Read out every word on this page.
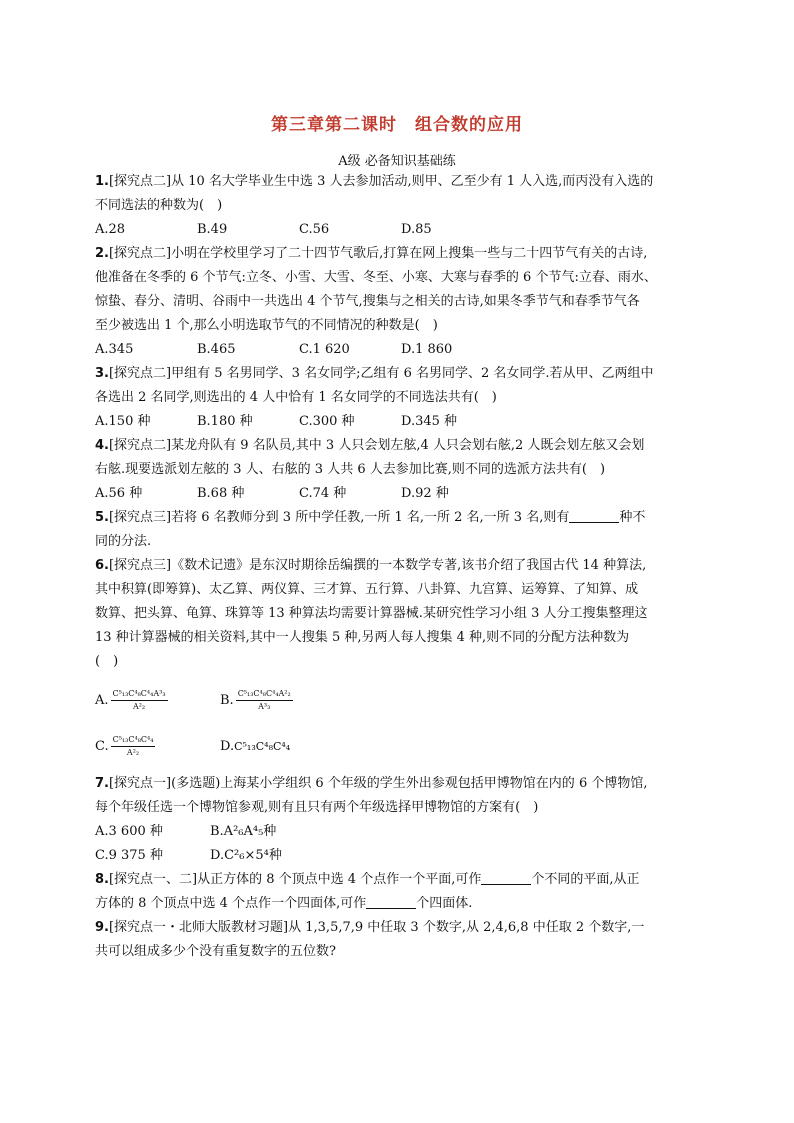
第三章第二课时　组合数的应用
A级 必备知识基础练
1.[探究点二]从 10 名大学毕业生中选 3 人去参加活动,则甲、乙至少有 1 人入选,而丙没有入选的
不同选法的种数为(　)
A.28	B.49	C.56	D.85
2.[探究点二]小明在学校里学习了二十四节气歌后,打算在网上搜集一些与二十四节气有关的古诗,
他准备在冬季的 6 个节气:立冬、小雪、大雪、冬至、小寒、大寒与春季的 6 个节气:立春、雨水、
惊蛰、春分、清明、谷雨中一共选出 4 个节气,搜集与之相关的古诗,如果冬季节气和春季节气各
至少被选出 1 个,那么小明选取节气的不同情况的种数是(　)
A.345	B.465	C.1 620	D.1 860
3.[探究点二]甲组有 5 名男同学、3 名女同学;乙组有 6 名男同学、2 名女同学.若从甲、乙两组中
各选出 2 名同学,则选出的 4 人中恰有 1 名女同学的不同选法共有(　)
A.150 种	B.180 种	C.300 种	D.345 种
4.[探究点二]某龙舟队有 9 名队员,其中 3 人只会划左舷,4 人只会划右舷,2 人既会划左舷又会划
右舷.现要选派划左舷的 3 人、右舷的 3 人共 6 人去参加比赛,则不同的选派方法共有(　)
A.56 种	B.68 种	C.74 种	D.92 种
5.[探究点三]若将 6 名教师分到 3 所中学任教,一所 1 名,一所 2 名,一所 3 名,则有	种不
同的分法.
6.[探究点三]《数术记遗》是东汉时期徐岳编撰的一本数学专著,该书介绍了我国古代 14 种算法,
其中积算(即筹算)、太乙算、两仪算、三才算、五行算、八卦算、九宫算、运筹算、了知算、成
数算、把头算、龟算、珠算等 13 种算法均需要计算器械.某研究性学习小组 3 人分工搜集整理这
13 种计算器械的相关资料,其中一人搜集 5 种,另两人每人搜集 4 种,则不同的分配方法种数为
(　)
A. $\frac{\text{C⁵₁₃C⁴₈C⁴₄A³₃}}{\text{A²₂}}$	B. $\frac{\text{C⁵₁₃C⁴₈C⁴₄A²₂}}{\text{A³₃}}$
C. $\frac{\text{C⁵₁₃C⁴₈C⁴₄}}{\text{A²₂}}$	D. C⁵₁₃C⁴₈C⁴₄
7.[探究点一](多选题)上海某小学组织 6 个年级的学生外出参观包括甲博物馆在内的 6 个博物馆,
每个年级任选一个博物馆参观,则有且只有两个年级选择甲博物馆的方案有(　)
A.3 600 种	B.A²₆A⁴₅种
C.9 375 种	D.C²₆×5⁴种
8.[探究点一、二]从正方体的 8 个顶点中选 4 个点作一个平面,可作	个不同的平面,从正
方体的 8 个顶点中选 4 个点作一个四面体,可作	个四面体.
9.[探究点一・北师大版教材习题]从 1,3,5,7,9 中任取 3 个数字,从 2,4,6,8 中任取 2 个数字,一
共可以组成多少个没有重复数字的五位数?
